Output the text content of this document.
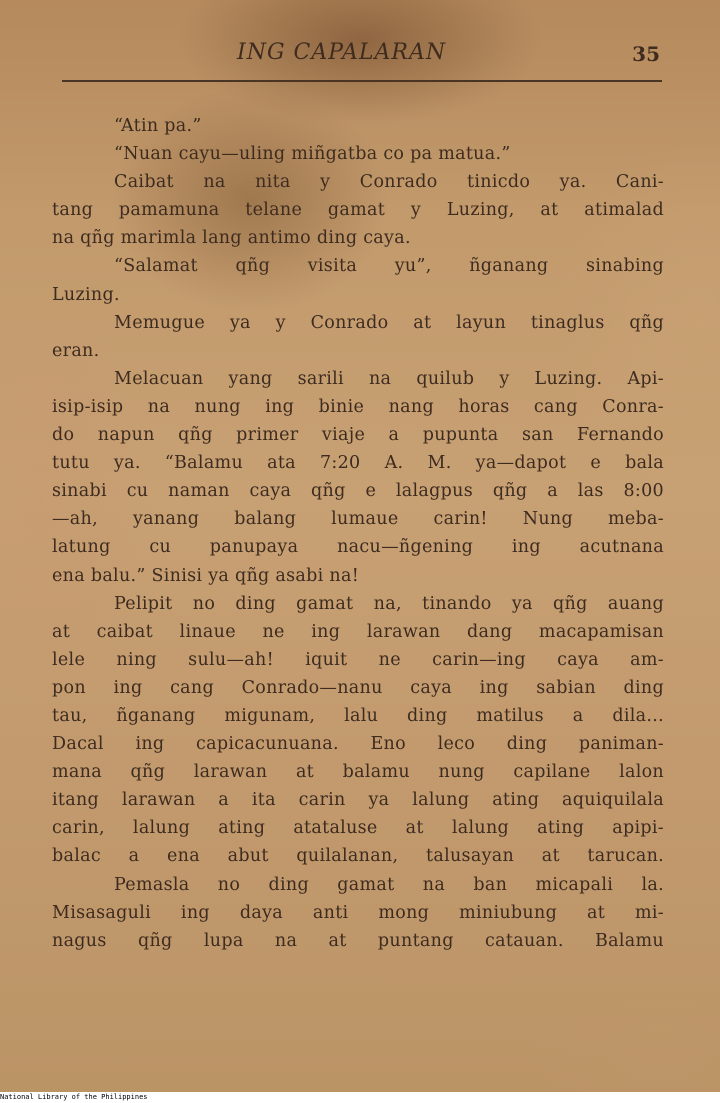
ING CAPALARAN	35
“Atin pa.”
“Nuan cayu—uling miñgatba co pa matua.”
Caibat na nita y Conrado tinicdo ya. Cani-
tang pamamuna telane gamat y Luzing, at atimalad
na qñg marimla lang antimo ding caya.
“Salamat qñg visita yu”, ñganang sinabing
Luzing.
Memugue ya y Conrado at layun tinaglus qñg
eran.
Melacuan yang sarili na quilub y Luzing. Api-
isip-isip na nung ing binie nang horas cang Conra-
do napun qñg primer viaje a pupunta san Fernando
tutu ya. “Balamu ata 7:20 A. M. ya—dapot e bala
sinabi cu naman caya qñg e lalagpus qñg a las 8:00
—ah, yanang balang lumaue carin! Nung meba-
latung cu panupaya nacu—ñgening ing acutnana
ena balu.” Sinisi ya qñg asabi na!
Pelipit no ding gamat na, tinando ya qñg auang
at caibat linaue ne ing larawan dang macapamisan
lele ning sulu—ah! iquit ne carin—ing caya am-
pon ing cang Conrado—nanu caya ing sabian ding
tau, ñganang migunam, lalu ding matilus a dila...
Dacal ing capicacunuana. Eno leco ding paniman-
mana qñg larawan at balamu nung capilane lalon
itang larawan a ita carin ya lalung ating aquiquilala
carin, lalung ating atataluse at lalung ating apipi-
balac a ena abut quilalanan, talusayan at tarucan.
Pemasla no ding gamat na ban micapali la.
Misasaguli ing daya anti mong miniubung at mi-
nagus qñg lupa na at puntang catauan. Balamu
National Library of the Philippines
